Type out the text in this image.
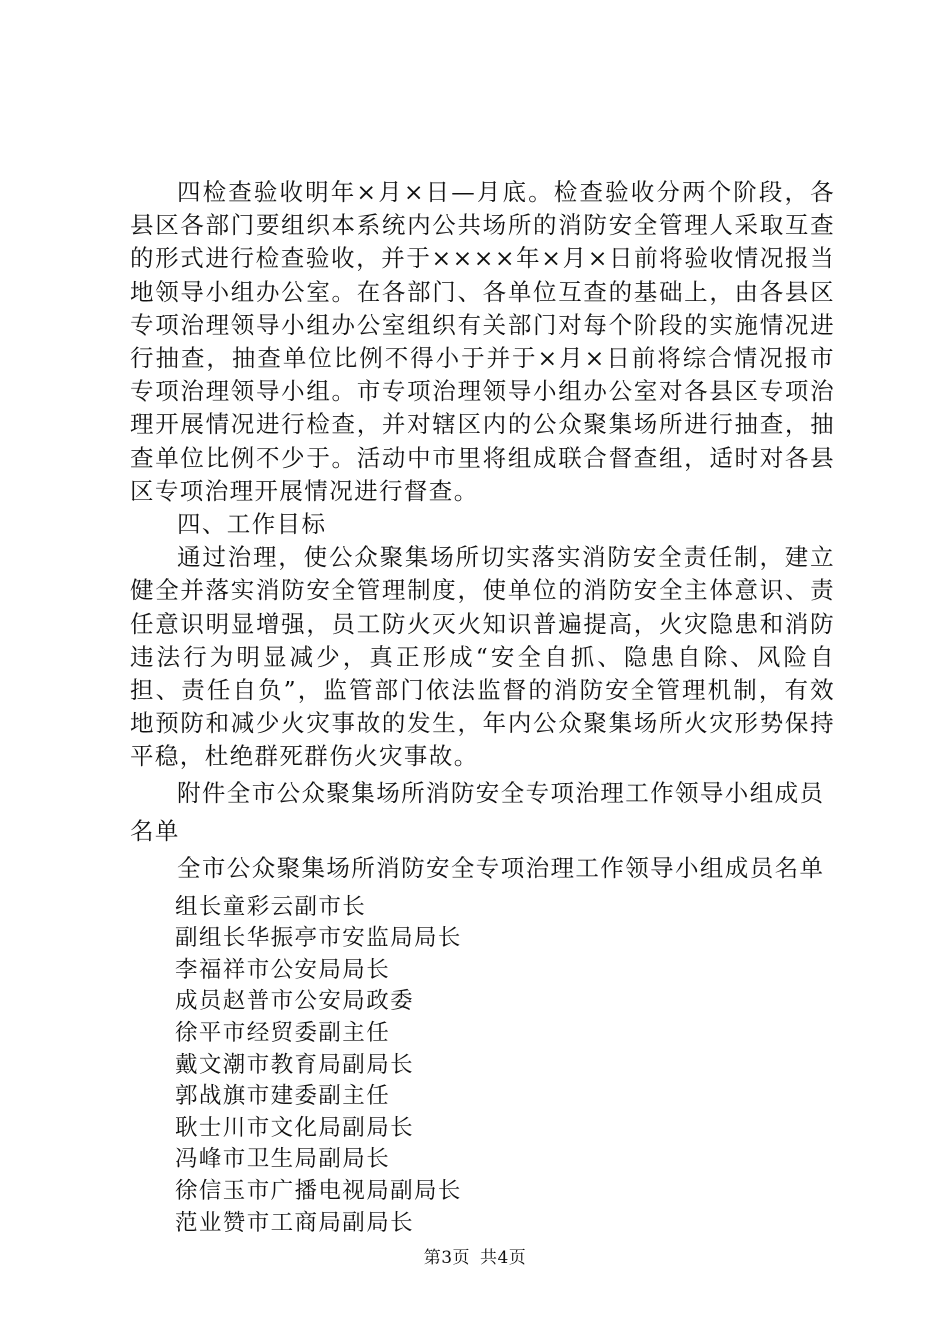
四检查验收明年×月×日—月底。检查验收分两个阶段，各县区各部门要组织本系统内公共场所的消防安全管理人采取互查的形式进行检查验收，并于××××年×月×日前将验收情况报当地领导小组办公室。在各部门、各单位互查的基础上，由各县区专项治理领导小组办公室组织有关部门对每个阶段的实施情况进行抽查，抽查单位比例不得小于并于×月×日前将综合情况报市专项治理领导小组。市专项治理领导小组办公室对各县区专项治理开展情况进行检查，并对辖区内的公众聚集场所进行抽查，抽查单位比例不少于。活动中市里将组成联合督查组，适时对各县区专项治理开展情况进行督查。

四、工作目标

通过治理，使公众聚集场所切实落实消防安全责任制，建立健全并落实消防安全管理制度，使单位的消防安全主体意识、责任意识明显增强，员工防火灭火知识普遍提高，火灾隐患和消防违法行为明显减少，真正形成“安全自抓、隐患自除、风险自担、责任自负”，监管部门依法监督的消防安全管理机制，有效地预防和减少火灾事故的发生，年内公众聚集场所火灾形势保持平稳，杜绝群死群伤火灾事故。

附件全市公众聚集场所消防安全专项治理工作领导小组成员名单

全市公众聚集场所消防安全专项治理工作领导小组成员名单

组长童彩云副市长
副组长华振亭市安监局局长
李福祥市公安局局长
成员赵普市公安局政委
徐平市经贸委副主任
戴文潮市教育局副局长
郭战旗市建委副主任
耿士川市文化局副局长
冯峰市卫生局副局长
徐信玉市广播电视局副局长
范业赞市工商局副局长
第3页 共4页
